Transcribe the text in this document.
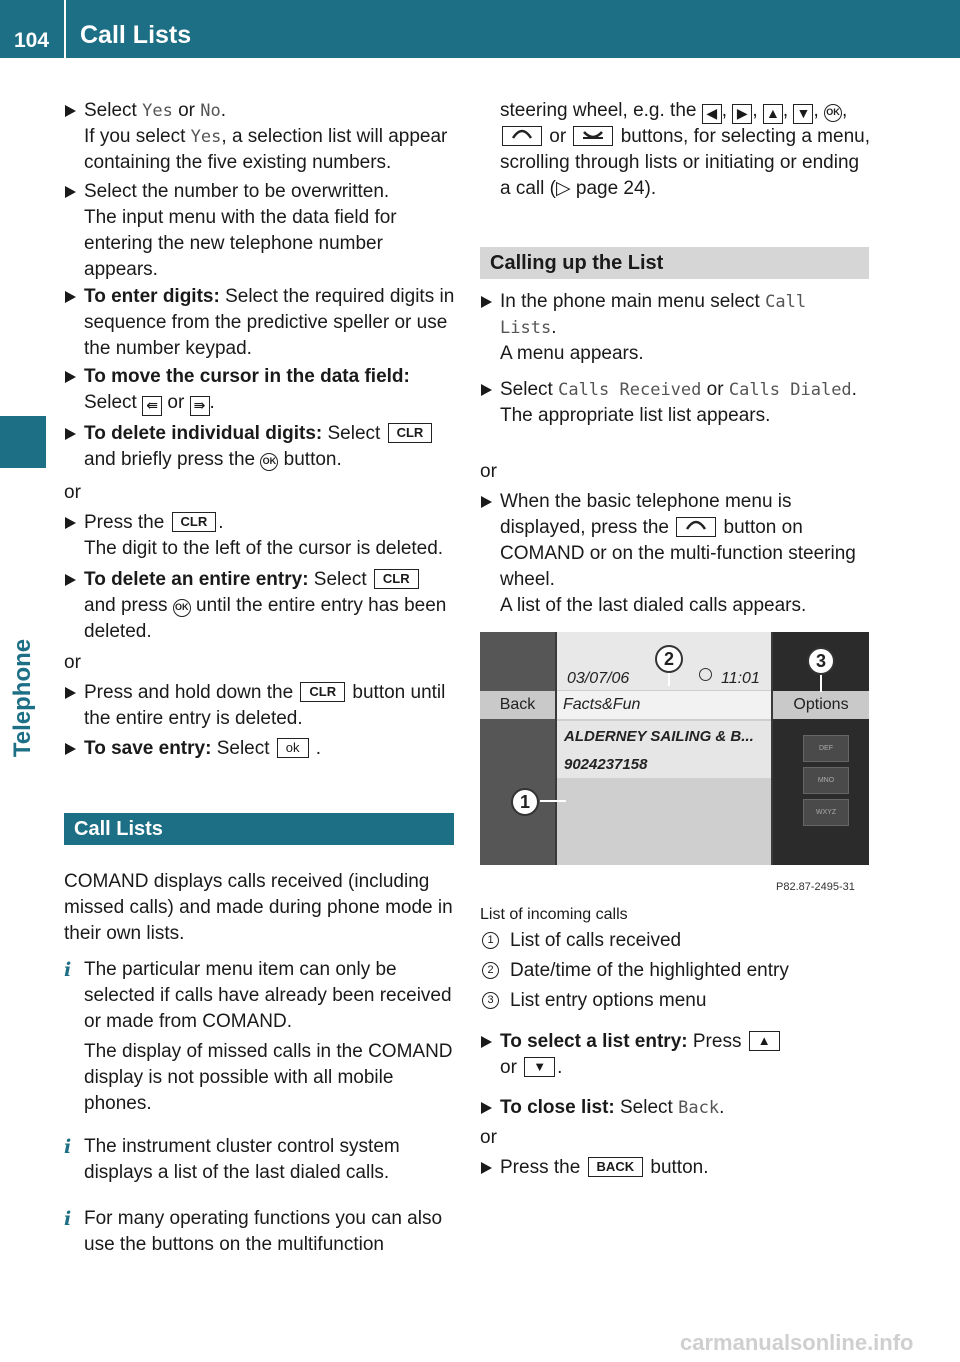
104 Call Lists
Telephone
Select Yes or No.
If you select Yes, a selection list will appear containing the five existing numbers.
Select the number to be overwritten.
The input menu with the data field for entering the new telephone number appears.
To enter digits: Select the required digits in sequence from the predictive speller or use the number keypad.
To move the cursor in the data field:
Select ⇚ or ⇛ .
To delete individual digits: Select CLR
and briefly press the OK button.
or
Press the CLR .
The digit to the left of the cursor is deleted.
To delete an entire entry: Select CLR
and press OK until the entire entry has been deleted.
or
Press and hold down the CLR button until the entire entry is deleted.
To save entry: Select ok .
Call Lists
COMAND displays calls received (including missed calls) and made during phone mode in their own lists.
i The particular menu item can only be selected if calls have already been received or made from COMAND.
The display of missed calls in the COMAND display is not possible with all mobile phones.
i The instrument cluster control system displays a list of the last dialed calls.
i For many operating functions you can also use the buttons on the multifunction
steering wheel, e.g. the ◀ , ▶ , ▲ , ▼ , OK ,  or  buttons, for selecting a menu, scrolling through lists or initiating or ending a call (▷ page 24).
Calling up the List
In the phone main menu select Call Lists.
A menu appears.
Select Calls Received or Calls Dialed.
The appropriate list list appears.
or
When the basic telephone menu is displayed, press the  button on COMAND or on the multi-function steering wheel.
A list of the last dialed calls appears.
03/07/06	11:01
Back	Facts&Fun	Options
ALDERNEY SAILING & B...
9024237158
DEF
MNO
WXYZ
1
2	3
P82.87-2495-31
List of incoming calls
1 List of calls received
2 Date/time of the highlighted entry
3 List entry options menu
To select a list entry: Press ▲
or ▼ .
To close list: Select Back.
or
Press the BACK button.
carmanualsonline.info
